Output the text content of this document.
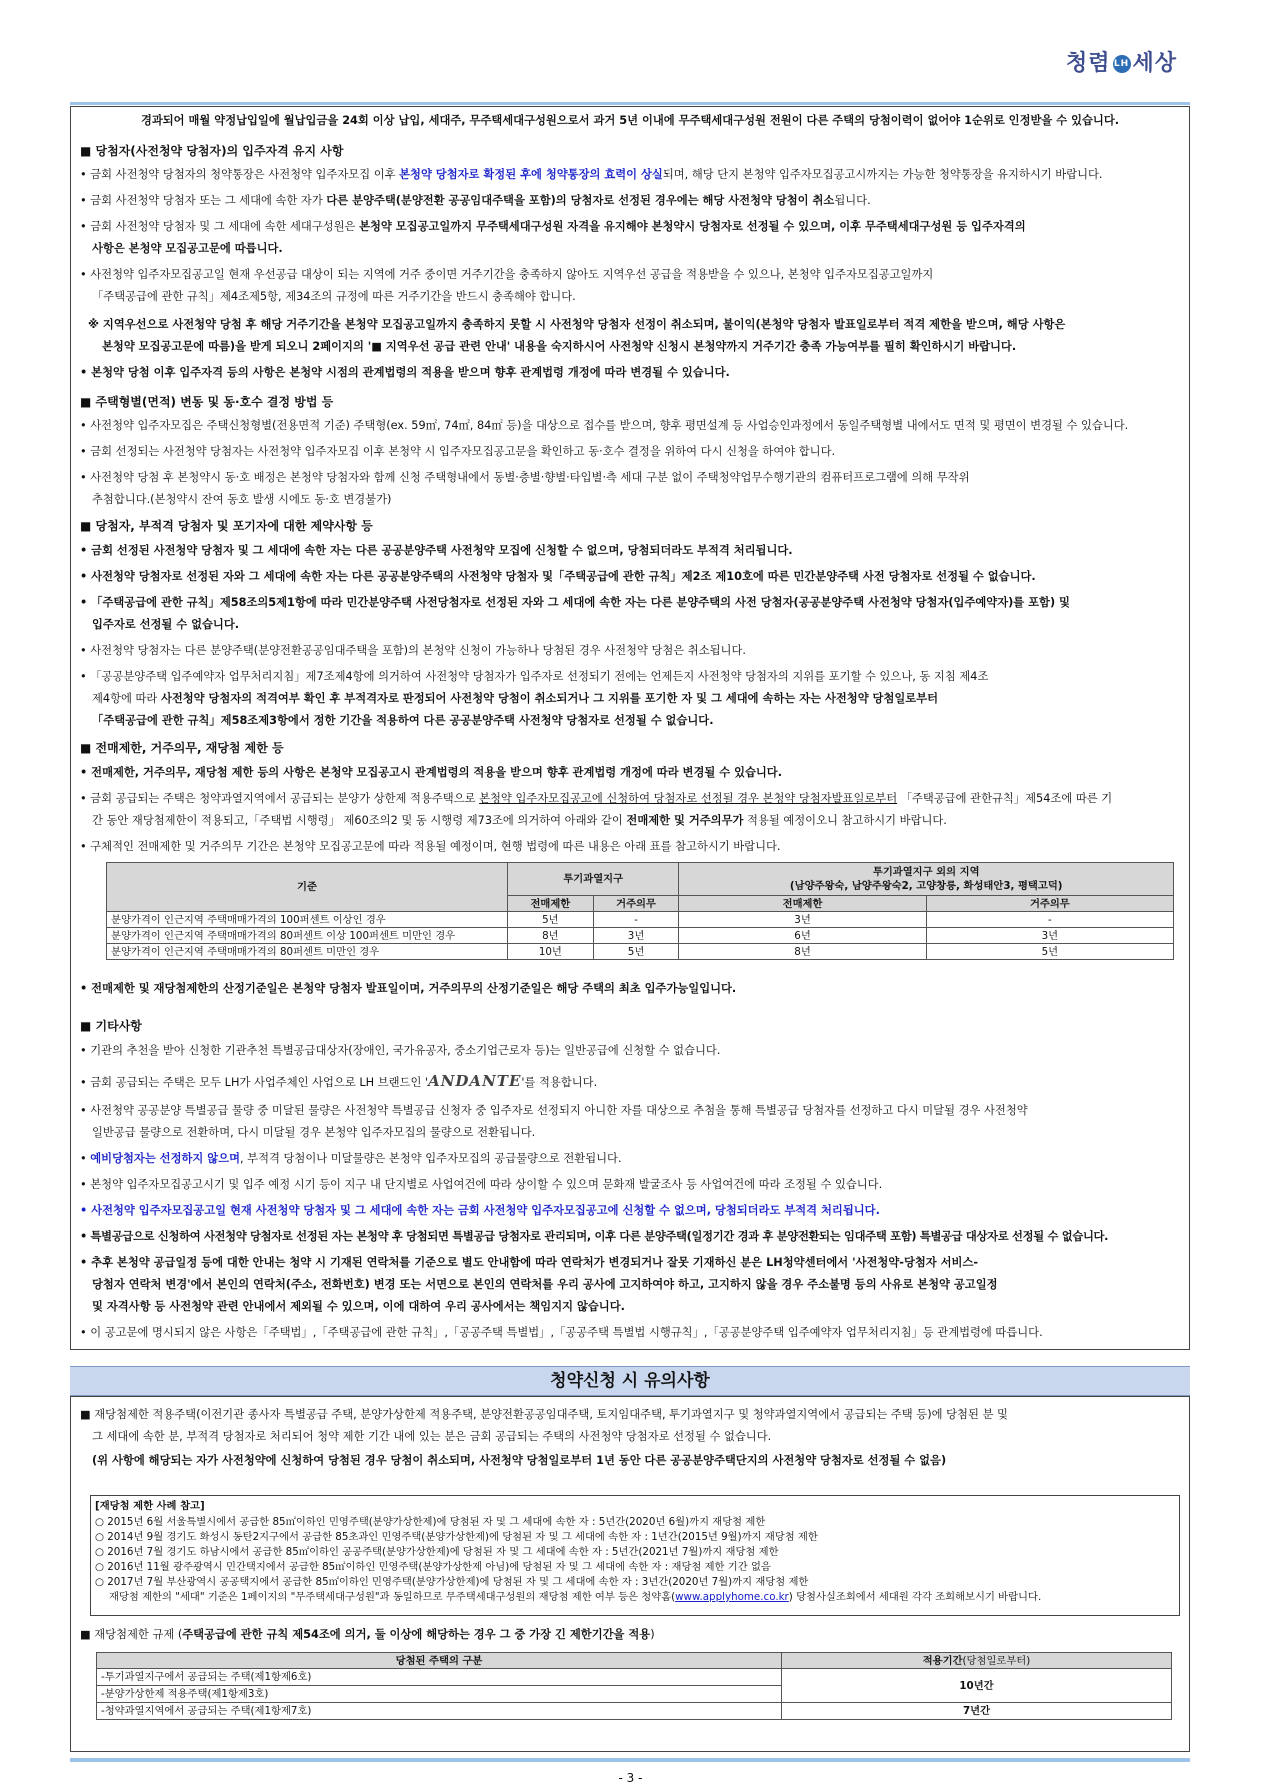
청렴 LH 세상
경과되어 매월 약정납입일에 월납입금을 24회 이상 납입, 세대주, 무주택세대구성원으로서 과거 5년 이내에 무주택세대구성원 전원이 다른 주택의 당첨이력이 없어야 1순위로 인정받을 수 있습니다.
■ 당첨자(사전청약 당첨자)의 입주자격 유지 사항
• 금회 사전청약 당첨자의 청약통장은 사전청약 입주자모집 이후 본청약 당첨자로 확정된 후에 청약통장의 효력이 상실되며, 해당 단지 본청약 입주자모집공고시까지는 가능한 청약통장을 유지하시기 바랍니다.
• 금회 사전청약 당첨자 또는 그 세대에 속한 자가 다른 분양주택(분양전환 공공임대주택을 포함)의 당첨자로 선정된 경우에는 해당 사전청약 당첨이 취소됩니다.
• 금회 사전청약 당첨자 및 그 세대에 속한 세대구성원은 본청약 모집공고일까지 무주택세대구성원 자격을 유지해야 본청약시 당첨자로 선정될 수 있으며, 이후 무주택세대구성원 등 입주자격의
사항은 본청약 모집공고문에 따릅니다.
• 사전청약 입주자모집공고일 현재 우선공급 대상이 되는 지역에 거주 중이면 거주기간을 충족하지 않아도 지역우선 공급을 적용받을 수 있으나, 본청약 입주자모집공고일까지
「주택공급에 관한 규칙」제4조제5항, 제34조의 규정에 따른 거주기간을 반드시 충족해야 합니다.
※ 지역우선으로 사전청약 당첨 후 해당 거주기간을 본청약 모집공고일까지 충족하지 못할 시 사전청약 당첨자 선정이 취소되며, 불이익(본청약 당첨자 발표일로부터 적격 제한을 받으며, 해당 사항은
본청약 모집공고문에 따름)을 받게 되오니 2페이지의 '■ 지역우선 공급 관련 안내' 내용을 숙지하시어 사전청약 신청시 본청약까지 거주기간 충족 가능여부를 필히 확인하시기 바랍니다.
• 본청약 당첨 이후 입주자격 등의 사항은 본청약 시점의 관계법령의 적용을 받으며 향후 관계법령 개정에 따라 변경될 수 있습니다.
■ 주택형별(면적) 변동 및 동·호수 결정 방법 등
• 사전청약 입주자모집은 주택신청형별(전용면적 기준) 주택형(ex. 59㎡, 74㎡, 84㎡ 등)을 대상으로 접수를 받으며, 향후 평면설계 등 사업승인과정에서 동일주택형별 내에서도 면적 및 평면이 변경될 수 있습니다.
• 금회 선정되는 사전청약 당첨자는 사전청약 입주자모집 이후 본청약 시 입주자모집공고문을 확인하고 동·호수 결정을 위하여 다시 신청을 하여야 합니다.
• 사전청약 당첨 후 본청약시 동·호 배정은 본청약 당첨자와 함께 신청 주택형내에서 동별·층별·향별·타입별·측 세대 구분 없이 주택청약업무수행기관의 컴퓨터프로그램에 의해 무작위
추첨합니다.(본청약시 잔여 동호 발생 시에도 동·호 변경불가)
■ 당첨자, 부적격 당첨자 및 포기자에 대한 제약사항 등
• 금회 선정된 사전청약 당첨자 및 그 세대에 속한 자는 다른 공공분양주택 사전청약 모집에 신청할 수 없으며, 당첨되더라도 부적격 처리됩니다.
• 사전청약 당첨자로 선정된 자와 그 세대에 속한 자는 다른 공공분양주택의 사전청약 당첨자 및「주택공급에 관한 규칙」제2조 제10호에 따른 민간분양주택 사전 당첨자로 선정될 수 없습니다.
• 「주택공급에 관한 규칙」제58조의5제1항에 따라 민간분양주택 사전당첨자로 선정된 자와 그 세대에 속한 자는 다른 분양주택의 사전 당첨자(공공분양주택 사전청약 당첨자(입주예약자)를 포함) 및
입주자로 선정될 수 없습니다.
• 사전청약 당첨자는 다른 분양주택(분양전환공공임대주택을 포함)의 본청약 신청이 가능하나 당첨된 경우 사전청약 당첨은 취소됩니다.
• 「공공분양주택 입주예약자 업무처리지침」제7조제4항에 의거하여 사전청약 당첨자가 입주자로 선정되기 전에는 언제든지 사전청약 당첨자의 지위를 포기할 수 있으나, 동 지침 제4조
제4항에 따라 사전청약 당첨자의 적격여부 확인 후 부적격자로 판정되어 사전청약 당첨이 취소되거나 그 지위를 포기한 자 및 그 세대에 속하는 자는 사전청약 당첨일로부터
「주택공급에 관한 규칙」제58조제3항에서 정한 기간을 적용하여 다른 공공분양주택 사전청약 당첨자로 선정될 수 없습니다.
■ 전매제한, 거주의무, 재당첨 제한 등
• 전매제한, 거주의무, 재당첨 제한 등의 사항은 본청약 모집공고시 관계법령의 적용을 받으며 향후 관계법령 개정에 따라 변경될 수 있습니다.
• 금회 공급되는 주택은 청약과열지역에서 공급되는 분양가 상한제 적용주택으로 본청약 입주자모집공고에 신청하여 당첨자로 선정될 경우 본청약 당첨자발표일로부터 「주택공급에 관한규칙」제54조에 따른 기
간 동안 재당첨제한이 적용되고,「주택법 시행령」 제60조의2 및 동 시행령 제73조에 의거하여 아래와 같이 전매제한 및 거주의무가 적용될 예정이오니 참고하시기 바랍니다.
• 구체적인 전매제한 및 거주의무 기간은 본청약 모집공고문에 따라 적용될 예정이며, 현행 법령에 따른 내용은 아래 표를 참고하시기 바랍니다.
기준	투기과열지구		투기과열지구 외의 지역
(남양주왕숙, 남양주왕숙2, 고양창릉, 화성태안3, 평택고덕)	

	전매제한	거주의무	전매제한	거주의무
분양가격이 인근지역 주택매매가격의 100퍼센트 이상인 경우	5년	-	3년	-
분양가격이 인근지역 주택매매가격의 80퍼센트 이상 100퍼센트 미만인 경우	8년	3년	6년	3년
분양가격이 인근지역 주택매매가격의 80퍼센트 미만인 경우	10년	5년	8년	5년
• 전매제한 및 재당첨제한의 산정기준일은 본청약 당첨자 발표일이며, 거주의무의 산정기준일은 해당 주택의 최초 입주가능일입니다.
■ 기타사항
• 기관의 추천을 받아 신청한 기관추천 특별공급대상자(장애인, 국가유공자, 중소기업근로자 등)는 일반공급에 신청할 수 없습니다.
• 금회 공급되는 주택은 모두 LH가 사업주체인 사업으로 LH 브랜드인 'ANDANTE'를 적용합니다.
• 사전청약 공공분양 특별공급 물량 중 미달된 물량은 사전청약 특별공급 신청자 중 입주자로 선정되지 아니한 자를 대상으로 추첨을 통해 특별공급 당첨자를 선정하고 다시 미달될 경우 사전청약
일반공급 물량으로 전환하며, 다시 미달될 경우 본청약 입주자모집의 물량으로 전환됩니다.
• 예비당첨자는 선정하지 않으며, 부적격 당첨이나 미달물량은 본청약 입주자모집의 공급물량으로 전환됩니다.
• 본청약 입주자모집공고시기 및 입주 예정 시기 등이 지구 내 단지별로 사업여건에 따라 상이할 수 있으며 문화재 발굴조사 등 사업여건에 따라 조정될 수 있습니다.
• 사전청약 입주자모집공고일 현재 사전청약 당첨자 및 그 세대에 속한 자는 금회 사전청약 입주자모집공고에 신청할 수 없으며, 당첨되더라도 부적격 처리됩니다.
• 특별공급으로 신청하여 사전청약 당첨자로 선정된 자는 본청약 후 당첨되면 특별공급 당첨자로 관리되며, 이후 다른 분양주택(일정기간 경과 후 분양전환되는 임대주택 포함) 특별공급 대상자로 선정될 수 없습니다.
• 추후 본청약 공급일정 등에 대한 안내는 청약 시 기재된 연락처를 기준으로 별도 안내함에 따라 연락처가 변경되거나 잘못 기재하신 분은 LH청약센터에서 '사전청약-당첨자 서비스-
당첨자 연락처 변경'에서 본인의 연락처(주소, 전화번호) 변경 또는 서면으로 본인의 연락처를 우리 공사에 고지하여야 하고, 고지하지 않을 경우 주소불명 등의 사유로 본청약 공고일정
및 자격사항 등 사전청약 관련 안내에서 제외될 수 있으며, 이에 대하여 우리 공사에서는 책임지지 않습니다.
• 이 공고문에 명시되지 않은 사항은「주택법」,「주택공급에 관한 규칙」,「공공주택 특별법」,「공공주택 특별법 시행규칙」,「공공분양주택 입주예약자 업무처리지침」등 관계법령에 따릅니다.
청약신청 시 유의사항
■ 재당첨제한 적용주택(이전기관 종사자 특별공급 주택, 분양가상한제 적용주택, 분양전환공공임대주택, 토지임대주택, 투기과열지구 및 청약과열지역에서 공급되는 주택 등)에 당첨된 분 및
그 세대에 속한 분, 부적격 당첨자로 처리되어 청약 제한 기간 내에 있는 분은 금회 공급되는 주택의 사전청약 당첨자로 선정될 수 없습니다.
(위 사항에 해당되는 자가 사전청약에 신청하여 당첨된 경우 당첨이 취소되며, 사전청약 당첨일로부터 1년 동안 다른 공공분양주택단지의 사전청약 당첨자로 선정될 수 없음)
[재당첨 제한 사례 참고]
○ 2015년 6월 서울특별시에서 공급한 85㎡이하인 민영주택(분양가상한제)에 당첨된 자 및 그 세대에 속한 자 : 5년간(2020년 6월)까지 재당첨 제한
○ 2014년 9월 경기도 화성시 동탄2지구에서 공급한 85초과인 민영주택(분양가상한제)에 당첨된 자 및 그 세대에 속한 자 : 1년간(2015년 9월)까지 재당첨 제한
○ 2016년 7월 경기도 하남시에서 공급한 85㎡이하인 공공주택(분양가상한제)에 당첨된 자 및 그 세대에 속한 자 : 5년간(2021년 7월)까지 재당첨 제한
○ 2016년 11월 광주광역시 민간택지에서 공급한 85㎡이하인 민영주택(분양가상한제 아님)에 당첨된 자 및 그 세대에 속한 자 : 재당첨 제한 기간 없음
○ 2017년 7월 부산광역시 공공택지에서 공급한 85㎡이하인 민영주택(분양가상한제)에 당첨된 자 및 그 세대에 속한 자 : 3년간(2020년 7월)까지 재당첨 제한
재당첨 제한의 "세대" 기준은 1페이지의 "무주택세대구성원"과 동일하므로 무주택세대구성원의 재당첨 제한 여부 등은 청약홈(www.applyhome.co.kr) 당첨사실조회에서 세대원 각각 조회해보시기 바랍니다.
■ 재당첨제한 규제 (주택공급에 관한 규칙 제54조에 의거, 둘 이상에 해당하는 경우 그 중 가장 긴 제한기간을 적용)
당첨된 주택의 구분	적용기간(당첨일로부터)
-투기과열지구에서 공급되는 주택(제1항제6호)	10년간
-분양가상한제 적용주택(제1항제3호)	
-청약과열지역에서 공급되는 주택(제1항제7호)	7년간
- 3 -
